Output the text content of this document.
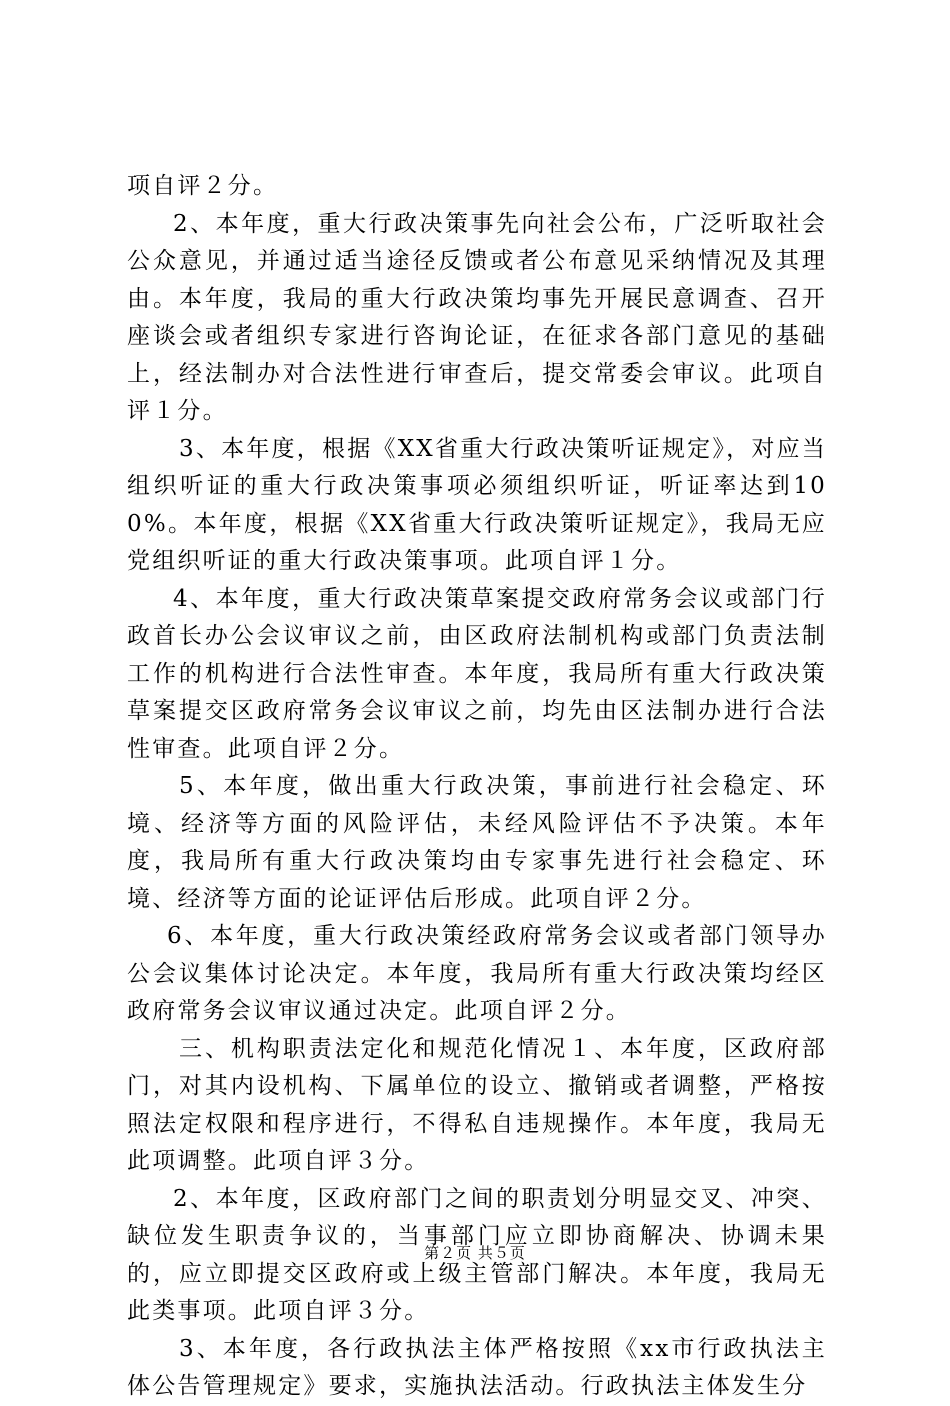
项自评２分。

2、本年度，重大行政决策事先向社会公布，广泛听取社会公众意见，并通过适当途径反馈或者公布意见采纳情况及其理由。本年度，我局的重大行政决策均事先开展民意调查、召开座谈会或者组织专家进行咨询论证，在征求各部门意见的基础上，经法制办对合法性进行审查后，提交常委会审议。此项自评１分。

3、本年度，根据《XX省重大行政决策听证规定》，对应当组织听证的重大行政决策事项必须组织听证，听证率达到100%。本年度，根据《XX省重大行政决策听证规定》，我局无应党组织听证的重大行政决策事项。此项自评１分。

4、本年度，重大行政决策草案提交政府常务会议或部门行政首长办公会议审议之前，由区政府法制机构或部门负责法制工作的机构进行合法性审查。本年度，我局所有重大行政决策草案提交区政府常务会议审议之前，均先由区法制办进行合法性审查。此项自评２分。

5、本年度，做出重大行政决策，事前进行社会稳定、环境、经济等方面的风险评估，未经风险评估不予决策。本年度，我局所有重大行政决策均由专家事先进行社会稳定、环境、经济等方面的论证评估后形成。此项自评２分。

6、本年度，重大行政决策经政府常务会议或者部门领导办公会议集体讨论决定。本年度，我局所有重大行政决策均经区政府常务会议审议通过决定。此项自评２分。

三、机构职责法定化和规范化情况１、本年度，区政府部门，对其内设机构、下属单位的设立、撤销或者调整，严格按照法定权限和程序进行，不得私自违规操作。本年度，我局无此项调整。此项自评３分。

2、本年度，区政府部门之间的职责划分明显交叉、冲突、缺位发生职责争议的，当事部门应立即协商解决、协调未果的，应立即提交区政府或上级主管部门解决。本年度，我局无此类事项。此项自评３分。

3、本年度，各行政执法主体严格按照《xx市行政执法主体公告管理规定》要求，实施执法活动。行政执法主体发生分

第２页 共５页
